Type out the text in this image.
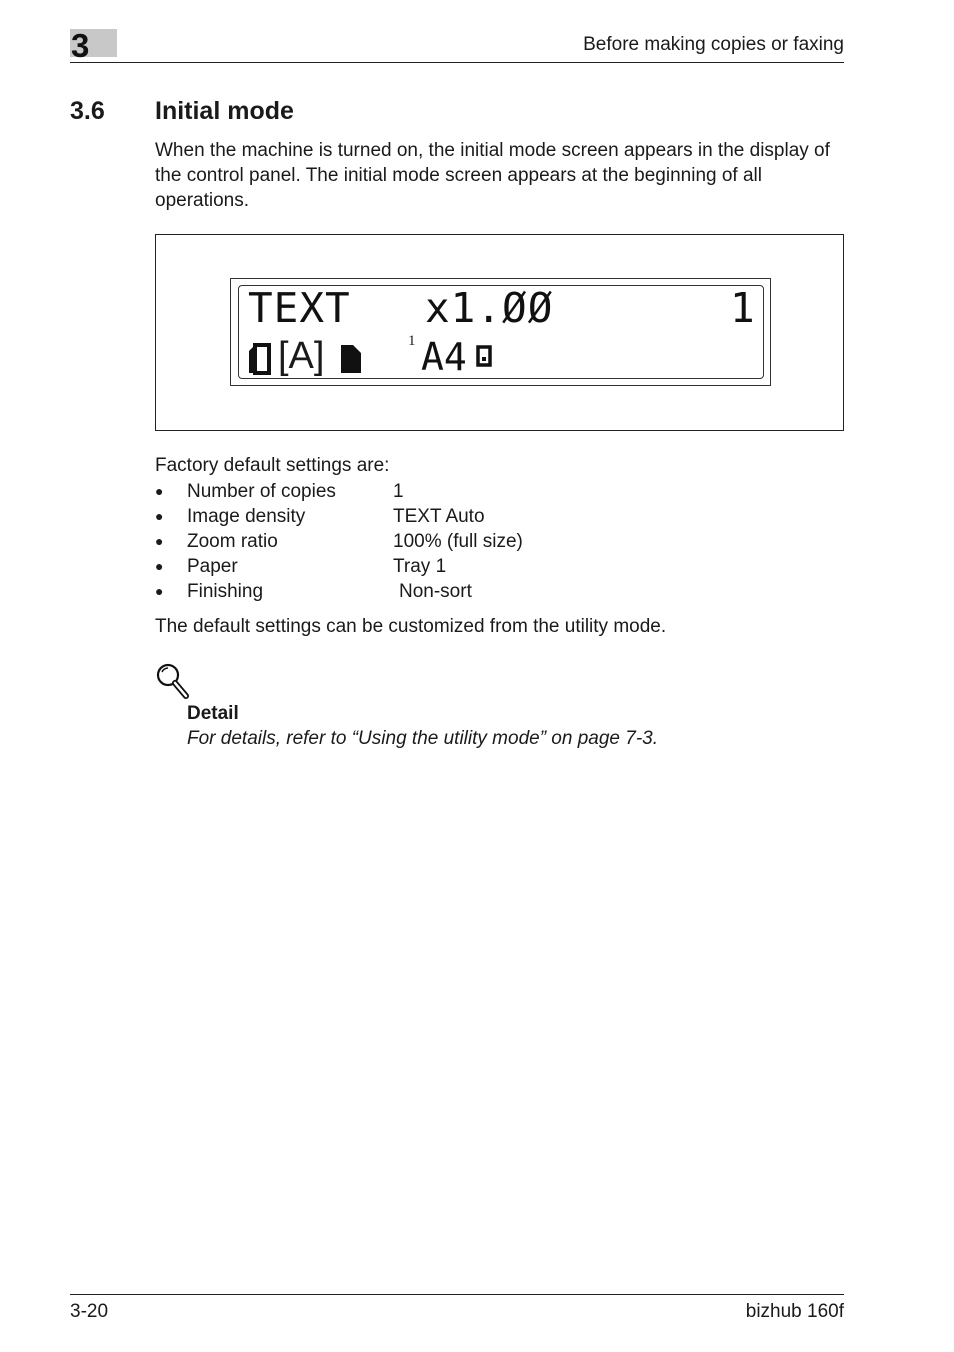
3	Before making copies or faxing
3.6 Initial mode
When the machine is turned on, the initial mode screen appears in the display of the control panel. The initial mode screen appears at the beginning of all operations.
TEXT x1.ØØ	1
[A]	1 A4
Factory default settings are:
● Number of copies	1
● Image density	TEXT Auto
● Zoom ratio	100% (full size)
● Paper	Tray 1
● Finishing	Non-sort
The default settings can be customized from the utility mode.
Detail
For details, refer to “Using the utility mode” on page 7-3.
3-20	bizhub 160f
